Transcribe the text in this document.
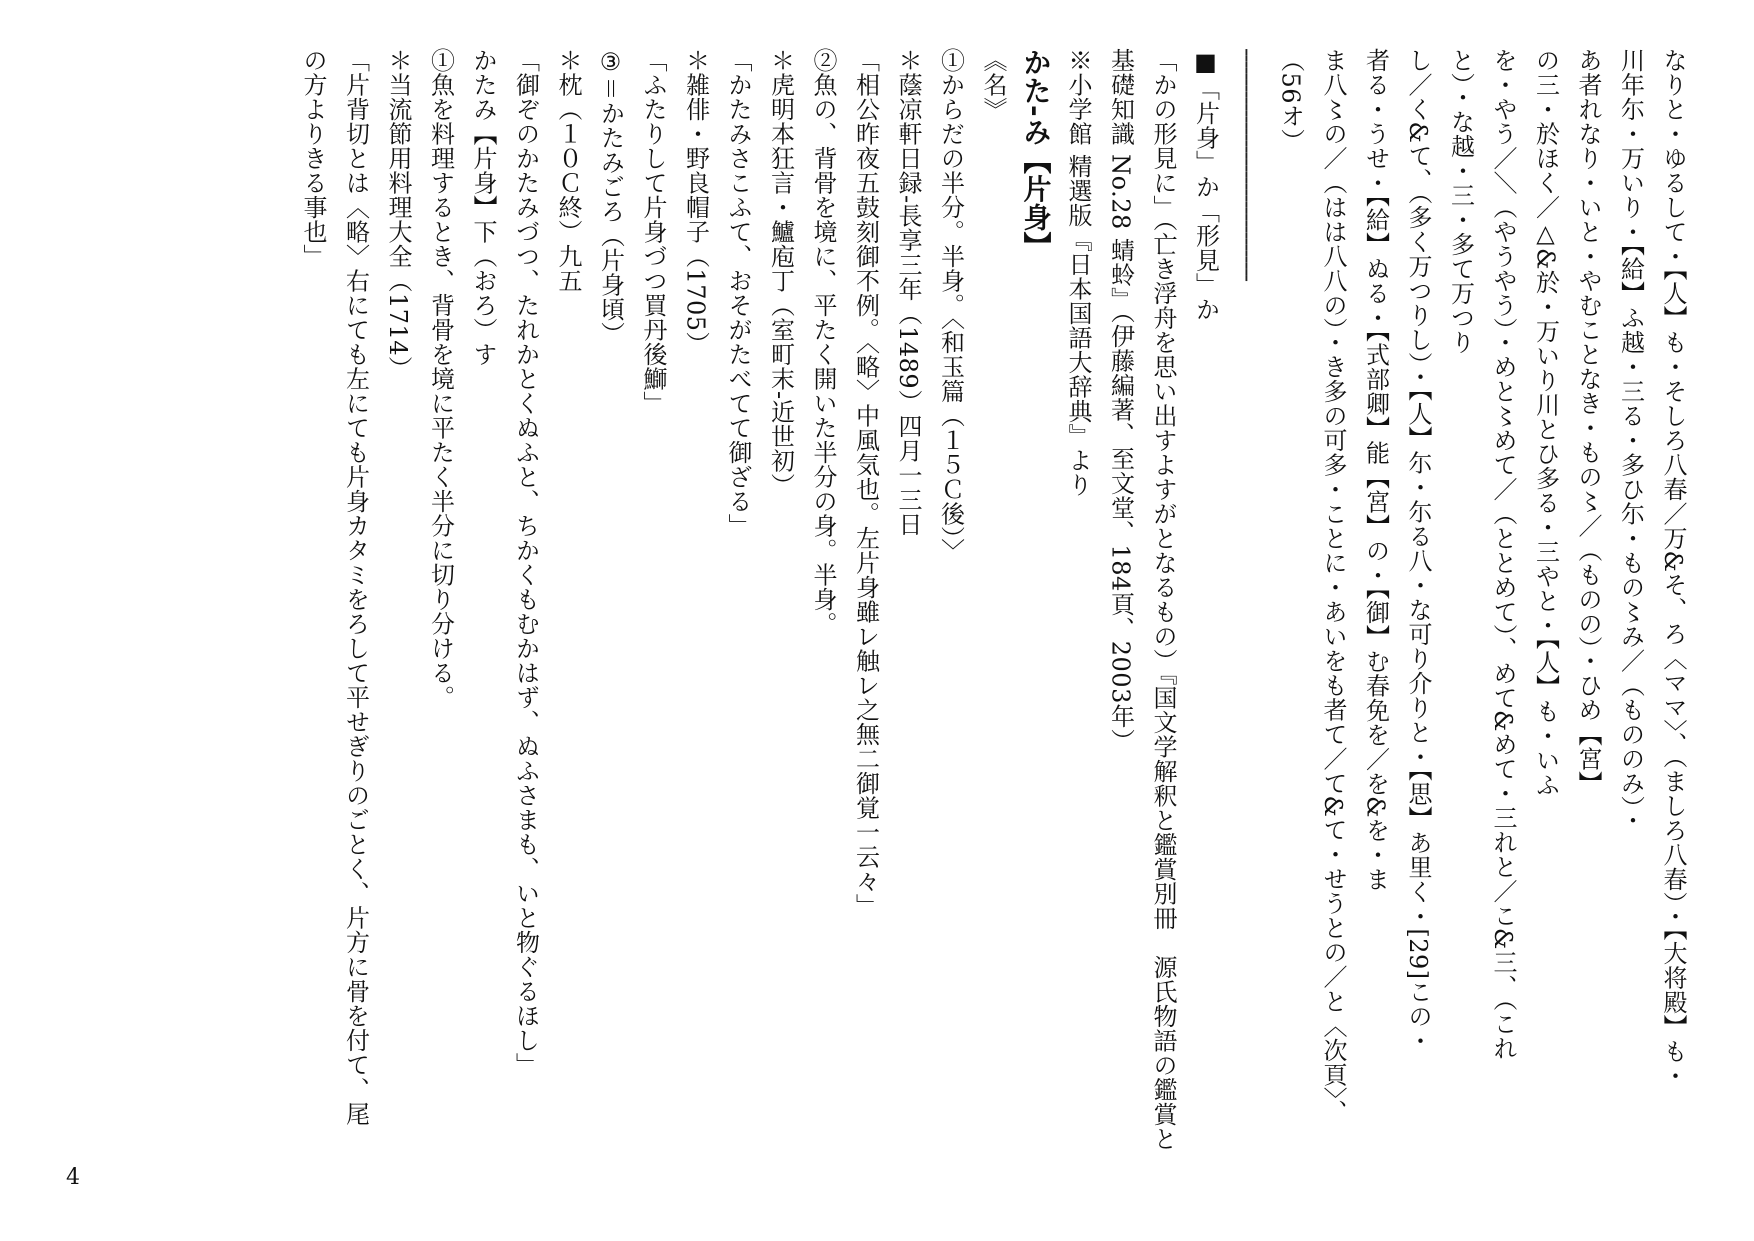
なりと・ゆるして・【人】も・そしろ八春／万&そ、ろ〈ママ〉、（ましろ八春）・【大将殿】も・
川年尓・万いり・【給】ふ越・三る・多ひ尓・もの〻み／（もののみ）・
あ者れなり・いと・やむことなき・もの〻／（ものの）・ひめ【宮】
の三・於ほく／△&於・万いり川とひ多る・三やと・【人】も・いふ
を・やう／＼（やうやう）・めと〻めて／（ととめて）、めて&めて・三れと／こ&三、（これ
と）・な越・三・多て万つり
し／く&て、（多く万つりし）・【人】尓・尓る八・な可り介りと・【思】あ里く・[29]この・
者る・うせ・【給】ぬる・【式部卿】能【宮】の・【御】む春免を／を&を・ま
ま八〻の／（はは八八の）・き多の可多・ことに・あいをも者て／て&て・せうとの／と〈次頁〉、
（56オ）
‐‐‐‐‐‐‐‐‐‐‐‐‐‐‐‐‐‐‐‐‐‐‐‐‐‐‐‐‐‐‐‐‐‐‐‐‐‐
■「片身」か「形見」か
「かの形見に」（亡き浮舟を思い出すよすがとなるもの）『国文学解釈と鑑賞別冊　源氏物語の鑑賞と
基礎知識 No.28 蜻蛉』（伊藤編著、至文堂、184頁、2003年）
※小学館 精選版『日本国語大辞典』より
かた‐み【片身】
《名》
①からだの半分。半身。〈和玉篇（１５Ｃ後）〉
＊蔭凉軒日録‐長享三年（1489）四月一三日
「相公昨夜五鼓刻御不例。〈略〉中風気也。左片身雖レ触レ之無二御覚一云々」
②魚の、背骨を境に、平たく開いた半分の身。半身。
＊虎明本狂言・鱸庖丁（室町末‐近世初）
「かたみさこふて、おそがたべてて御ざる」
＊雑俳・野良帽子（1705）
「ふたりして片身づつ買丹後鰤」
③＝かたみごろ（片身頃）
＊枕（１０Ｃ終）九五
「御ぞのかたみづつ、たれかとくぬふと、ちかくもむかはず、ぬふさまも、いと物ぐるほし」
かたみ【片身】下（おろ）す
①魚を料理するとき、背骨を境に平たく半分に切り分ける。
＊当流節用料理大全（1714）
「片背切とは〈略〉右にても左にても片身カタミをろして平せぎりのごとく、片方に骨を付て、尾
の方よりきる事也」
4
